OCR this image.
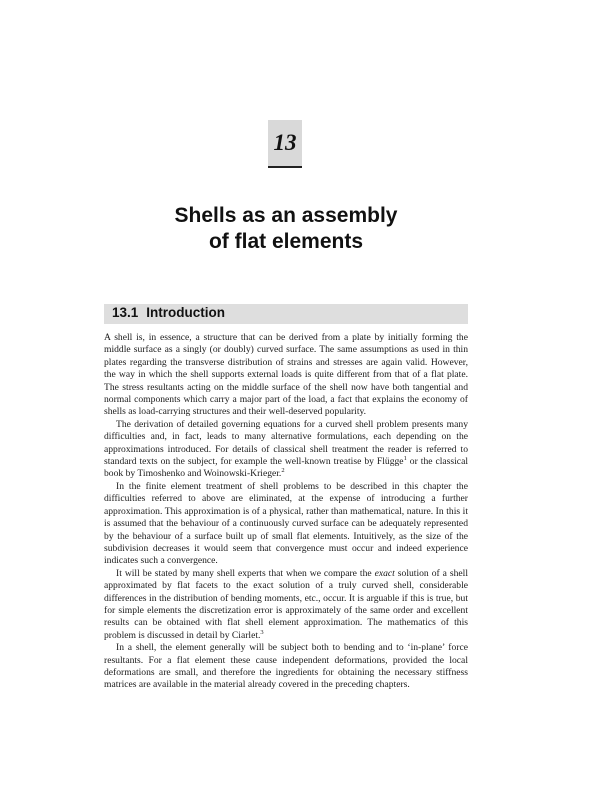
13
Shells as an assembly
of flat elements
13.1 Introduction

A shell is, in essence, a structure that can be derived from a plate by initially forming the middle surface as a singly (or doubly) curved surface. The same assumptions as used in thin plates regarding the transverse distribution of strains and stresses are again valid. However, the way in which the shell supports external loads is quite different from that of a flat plate. The stress resultants acting on the middle surface of the shell now have both tangential and normal components which carry a major part of the load, a fact that explains the economy of shells as load-carrying structures and their well-deserved popularity.

The derivation of detailed governing equations for a curved shell problem presents many difficulties and, in fact, leads to many alternative formulations, each depending on the approximations introduced. For details of classical shell treatment the reader is referred to standard texts on the subject, for example the well-known treatise by Flügge$^1$ or the classical book by Timoshenko and Woinowski-Krieger.$^2$

In the finite element treatment of shell problems to be described in this chapter the difficulties referred to above are eliminated, at the expense of introducing a further approximation. This approximation is of a physical, rather than mathematical, nature. In this it is assumed that the behaviour of a continuously curved surface can be adequately represented by the behaviour of a surface built up of small flat elements. Intuitively, as the size of the subdivision decreases it would seem that convergence must occur and indeed experience indicates such a convergence.

It will be stated by many shell experts that when we compare the exact solution of a shell approximated by flat facets to the exact solution of a truly curved shell, considerable differences in the distribution of bending moments, etc., occur. It is arguable if this is true, but for simple elements the discretization error is approximately of the same order and excellent results can be obtained with flat shell element approximation. The mathematics of this problem is discussed in detail by Ciarlet.$^3$

In a shell, the element generally will be subject both to bending and to ‘in-plane’ force resultants. For a flat element these cause independent deformations, provided the local deformations are small, and therefore the ingredients for obtaining the necessary stiffness matrices are available in the material already covered in the preceding chapters.
